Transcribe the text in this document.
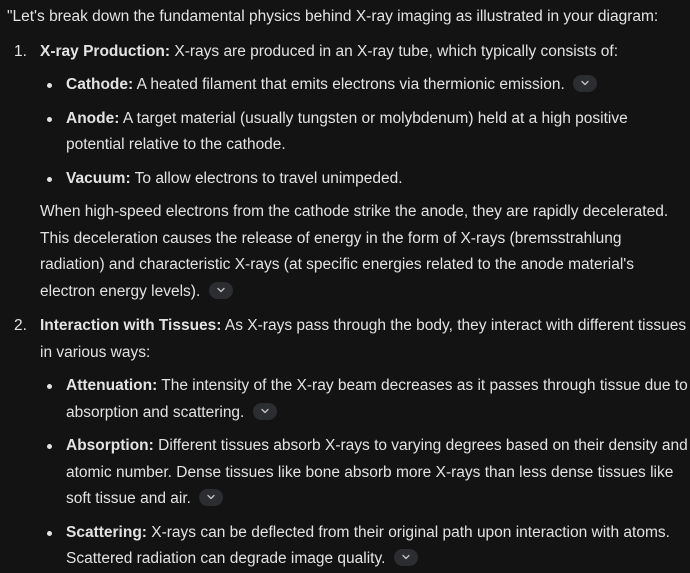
"Let's break down the fundamental physics behind X-ray imaging as illustrated in your diagram:
1. X-ray Production: X-rays are produced in an X-ray tube, which typically consists of:
Cathode: A heated filament that emits electrons via thermionic emission.
Anode: A target material (usually tungsten or molybdenum) held at a high positive potential relative to the cathode.
Vacuum: To allow electrons to travel unimpeded.
When high-speed electrons from the cathode strike the anode, they are rapidly decelerated. This deceleration causes the release of energy in the form of X-rays (bremsstrahlung radiation) and characteristic X-rays (at specific energies related to the anode material's electron energy levels).
2. Interaction with Tissues: As X-rays pass through the body, they interact with different tissues in various ways:
Attenuation: The intensity of the X-ray beam decreases as it passes through tissue due to absorption and scattering.
Absorption: Different tissues absorb X-rays to varying degrees based on their density and atomic number. Dense tissues like bone absorb more X-rays than less dense tissues like soft tissue and air.
Scattering: X-rays can be deflected from their original path upon interaction with atoms. Scattered radiation can degrade image quality.
